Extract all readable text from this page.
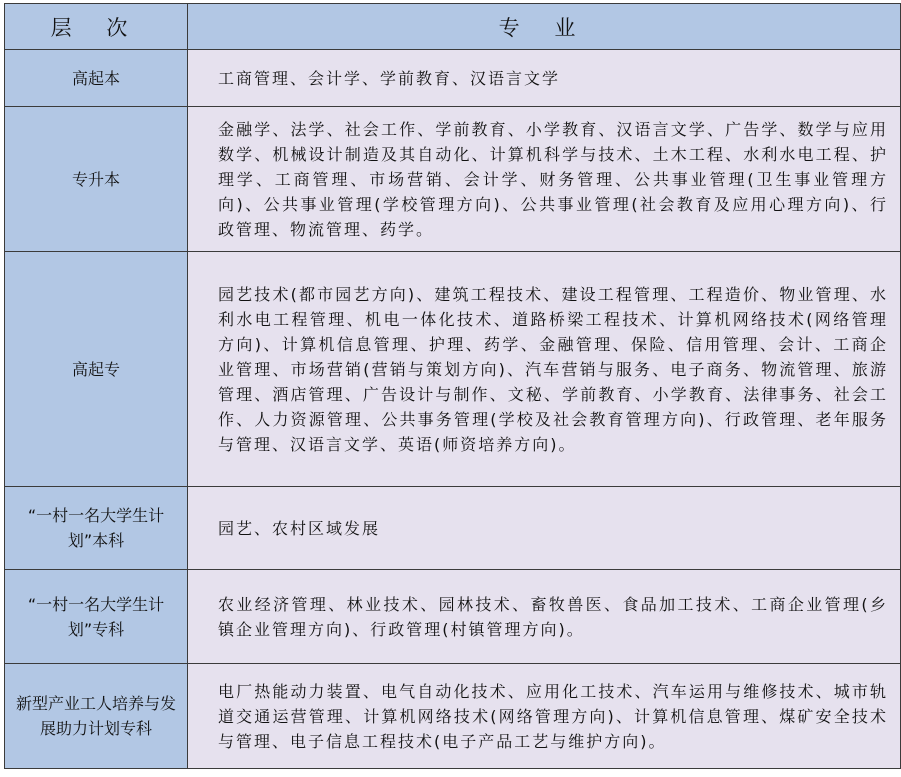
层 次	专 业
高起本	工商管理、会计学、学前教育、汉语言文学
专升本	金融学、法学、社会工作、学前教育、小学教育、汉语言文学、广告学、数学与应用数学、机械设计制造及其自动化、计算机科学与技术、土木工程、水利水电工程、护理学、工商管理、市场营销、会计学、财务管理、公共事业管理(卫生事业管理方向)、公共事业管理(学校管理方向)、公共事业管理(社会教育及应用心理方向)、行政管理、物流管理、药学。
高起专	园艺技术(都市园艺方向)、建筑工程技术、建设工程管理、工程造价、物业管理、水利水电工程管理、机电一体化技术、道路桥梁工程技术、计算机网络技术(网络管理方向)、计算机信息管理、护理、药学、金融管理、保险、信用管理、会计、工商企业管理、市场营销(营销与策划方向)、汽车营销与服务、电子商务、物流管理、旅游管理、酒店管理、广告设计与制作、文秘、学前教育、小学教育、法律事务、社会工作、人力资源管理、公共事务管理(学校及社会教育管理方向)、行政管理、老年服务与管理、汉语言文学、英语(师资培养方向)。
“一村一名大学生计划”本科	园艺、农村区域发展
“一村一名大学生计划”专科	农业经济管理、林业技术、园林技术、畜牧兽医、食品加工技术、工商企业管理(乡镇企业管理方向)、行政管理(村镇管理方向)。
新型产业工人培养与发展助力计划专科	电厂热能动力装置、电气自动化技术、应用化工技术、汽车运用与维修技术、城市轨道交通运营管理、计算机网络技术(网络管理方向)、计算机信息管理、煤矿安全技术与管理、电子信息工程技术(电子产品工艺与维护方向)。
